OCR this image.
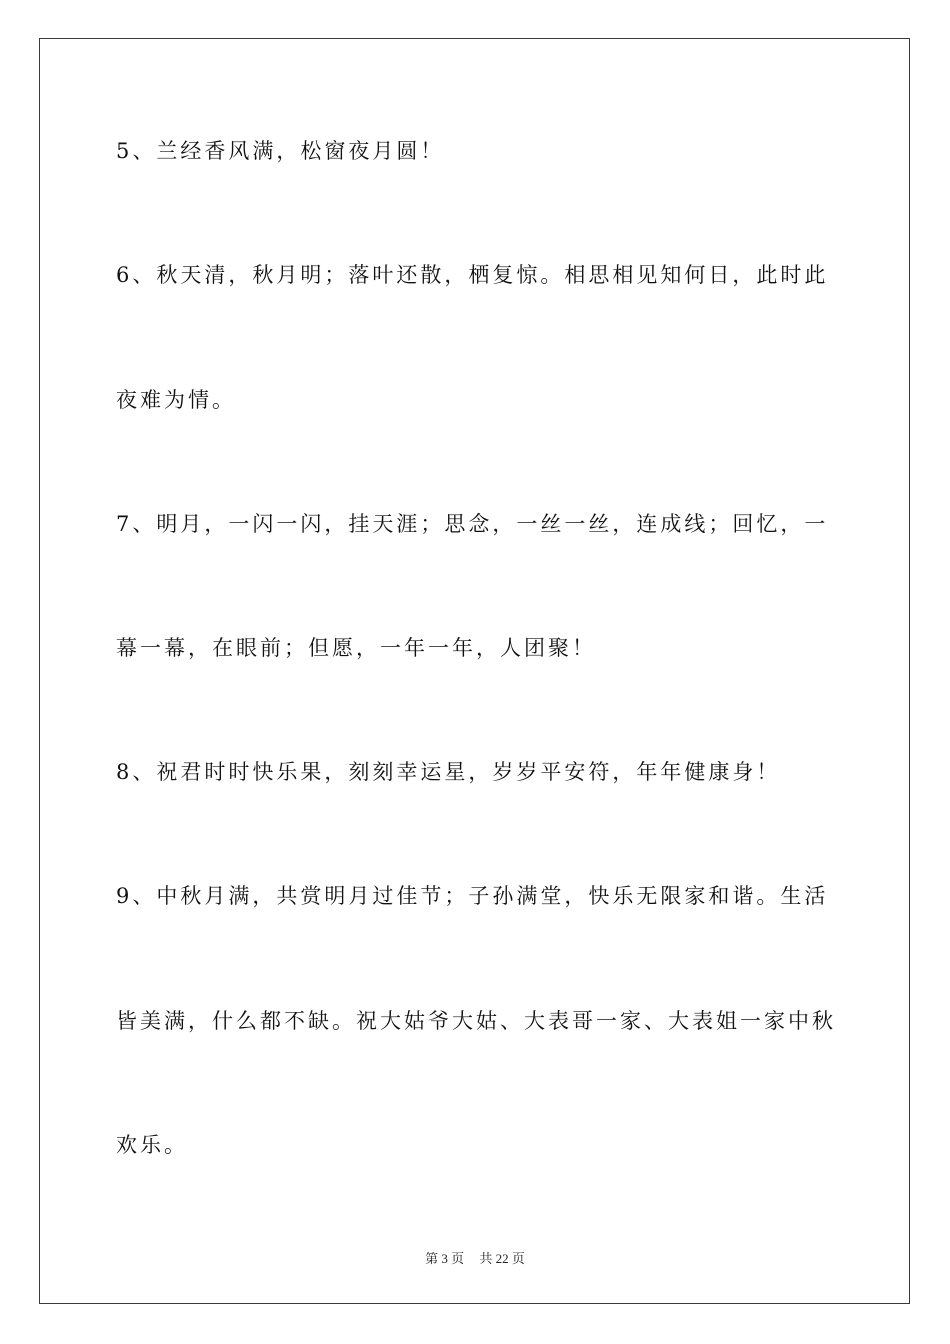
5、兰经香风满，松窗夜月圆！
6、秋天清，秋月明；落叶还散，栖复惊。相思相见知何日，此时此
夜难为情。
7、明月，一闪一闪，挂天涯；思念，一丝一丝，连成线；回忆，一
幕一幕，在眼前；但愿，一年一年，人团聚！
8、祝君时时快乐果，刻刻幸运星，岁岁平安符，年年健康身！
9、中秋月满，共赏明月过佳节；子孙满堂，快乐无限家和谐。生活
皆美满，什么都不缺。祝大姑爷大姑、大表哥一家、大表姐一家中秋
欢乐。
第 3 页 共 22 页
